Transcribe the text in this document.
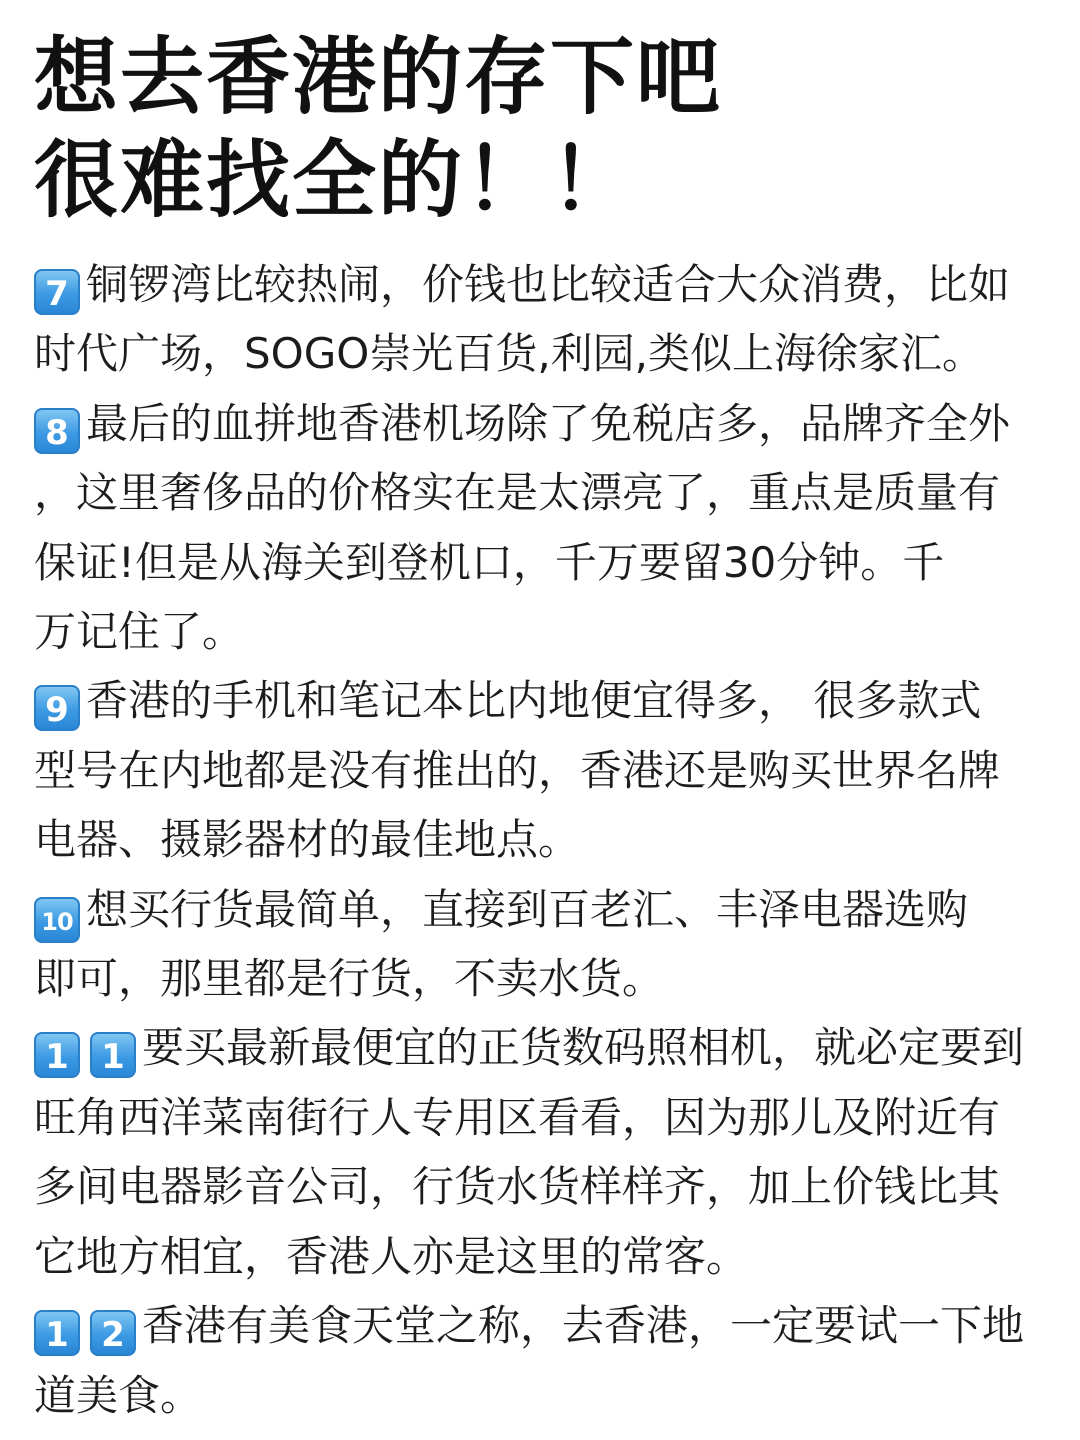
想去香港的存下吧
很难找全的！！
7 铜锣湾比较热闹，价钱也比较适合大众消费，比如
时代广场，SOGO崇光百货,利园,类似上海徐家汇。
8 最后的血拼地香港机场除了免税店多，品牌齐全外
，这里奢侈品的价格实在是太漂亮了，重点是质量有
保证!但是从海关到登机口，千万要留30分钟。千
万记住了。
9 香港的手机和笔记本比内地便宜得多， 很多款式
型号在内地都是没有推出的，香港还是购买世界名牌
电器、摄影器材的最佳地点。
10 想买行货最简单，直接到百老汇、丰泽电器选购
即可，那里都是行货，不卖水货。
1 1 要买最新最便宜的正货数码照相机，就必定要到
旺角西洋菜南街行人专用区看看，因为那儿及附近有
多间电器影音公司，行货水货样样齐，加上价钱比其
它地方相宜，香港人亦是这里的常客。
1 2 香港有美食天堂之称，去香港，一定要试一下地
道美食。
